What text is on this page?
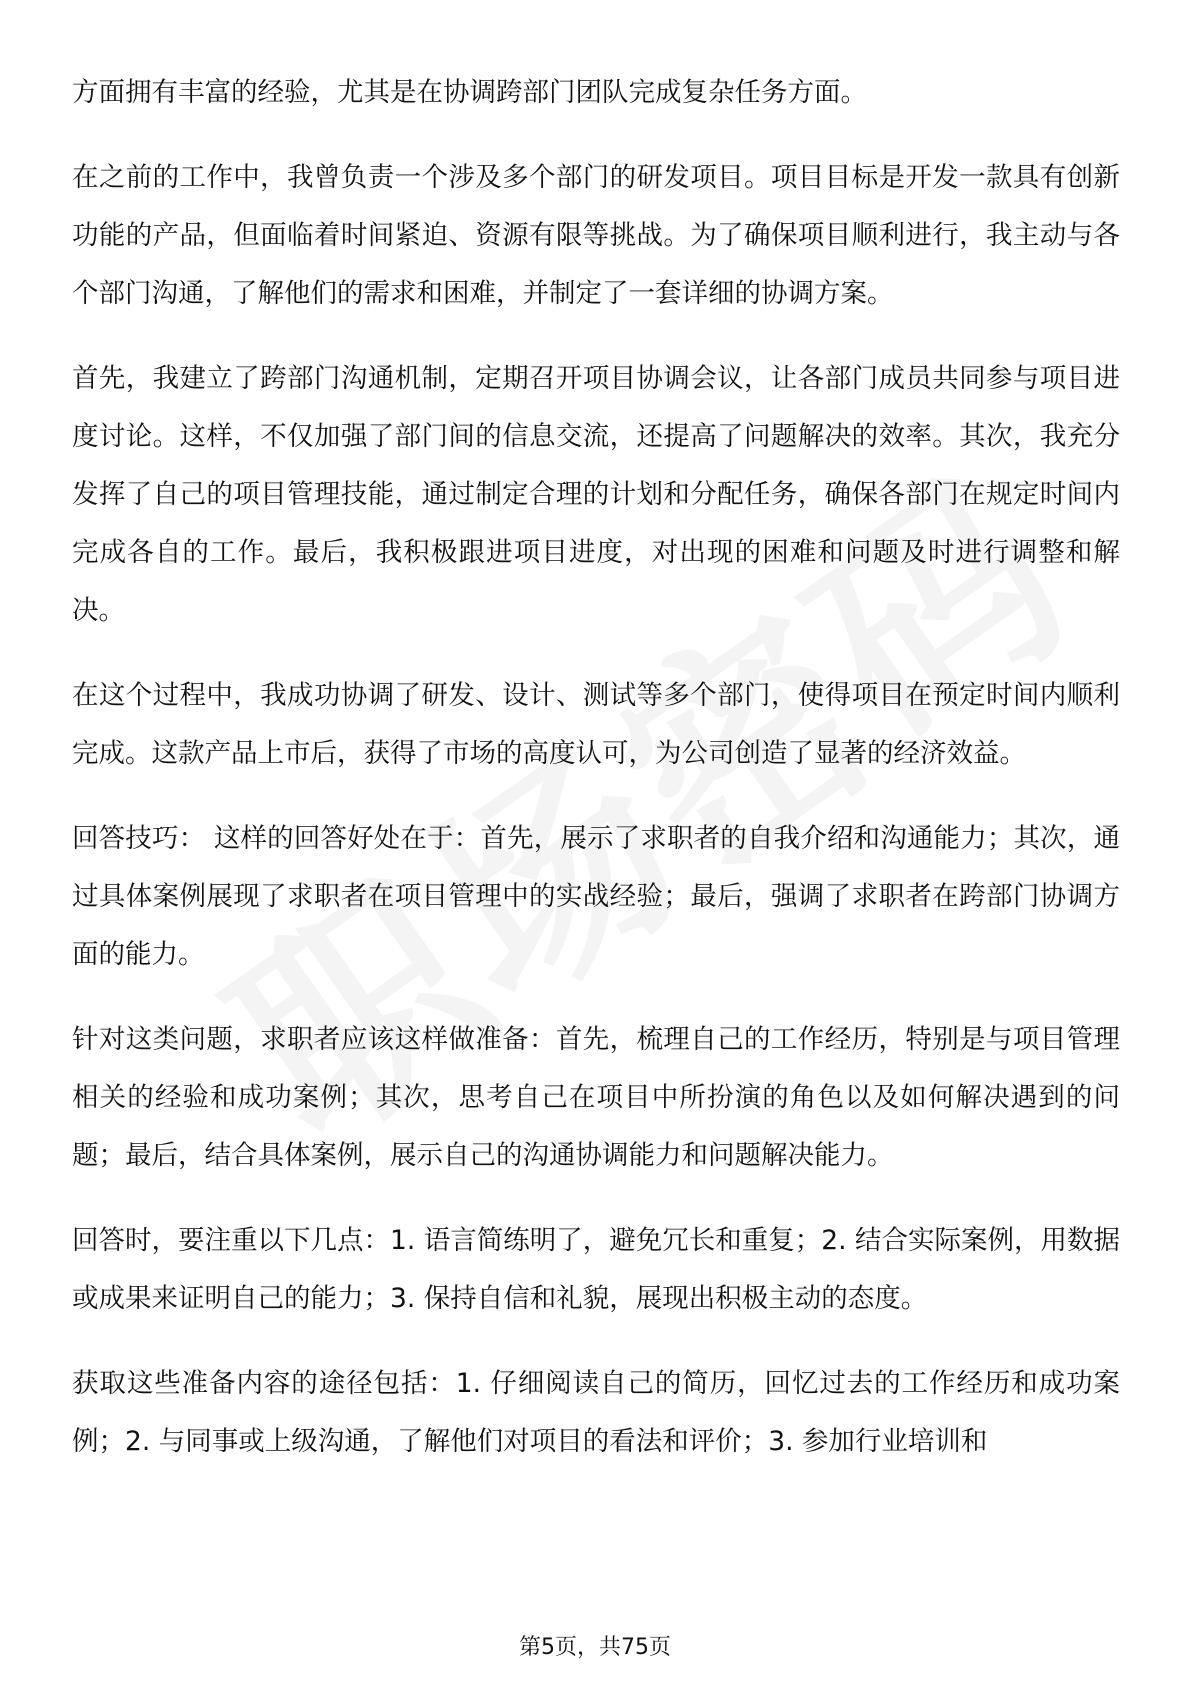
方面拥有丰富的经验，尤其是在协调跨部门团队完成复杂任务方面。

在之前的工作中，我曾负责一个涉及多个部门的研发项目。项目目标是开发一款具有创新功能的产品，但面临着时间紧迫、资源有限等挑战。为了确保项目顺利进行，我主动与各个部门沟通，了解他们的需求和困难，并制定了一套详细的协调方案。

首先，我建立了跨部门沟通机制，定期召开项目协调会议，让各部门成员共同参与项目进度讨论。这样，不仅加强了部门间的信息交流，还提高了问题解决的效率。其次，我充分发挥了自己的项目管理技能，通过制定合理的计划和分配任务，确保各部门在规定时间内完成各自的工作。最后，我积极跟进项目进度，对出现的困难和问题及时进行调整和解决。

在这个过程中，我成功协调了研发、设计、测试等多个部门，使得项目在预定时间内顺利完成。这款产品上市后，获得了市场的高度认可，为公司创造了显著的经济效益。

回答技巧： 这样的回答好处在于：首先，展示了求职者的自我介绍和沟通能力；其次，通过具体案例展现了求职者在项目管理中的实战经验；最后，强调了求职者在跨部门协调方面的能力。

针对这类问题，求职者应该这样做准备：首先，梳理自己的工作经历，特别是与项目管理相关的经验和成功案例；其次，思考自己在项目中所扮演的角色以及如何解决遇到的问题；最后，结合具体案例，展示自己的沟通协调能力和问题解决能力。

回答时，要注重以下几点：1. 语言简练明了，避免冗长和重复；2. 结合实际案例，用数据或成果来证明自己的能力；3. 保持自信和礼貌，展现出积极主动的态度。

获取这些准备内容的途径包括：1. 仔细阅读自己的简历，回忆过去的工作经历和成功案例；2. 与同事或上级沟通，了解他们对项目的看法和评价；3. 参加行业培训和

第5页，共75页
